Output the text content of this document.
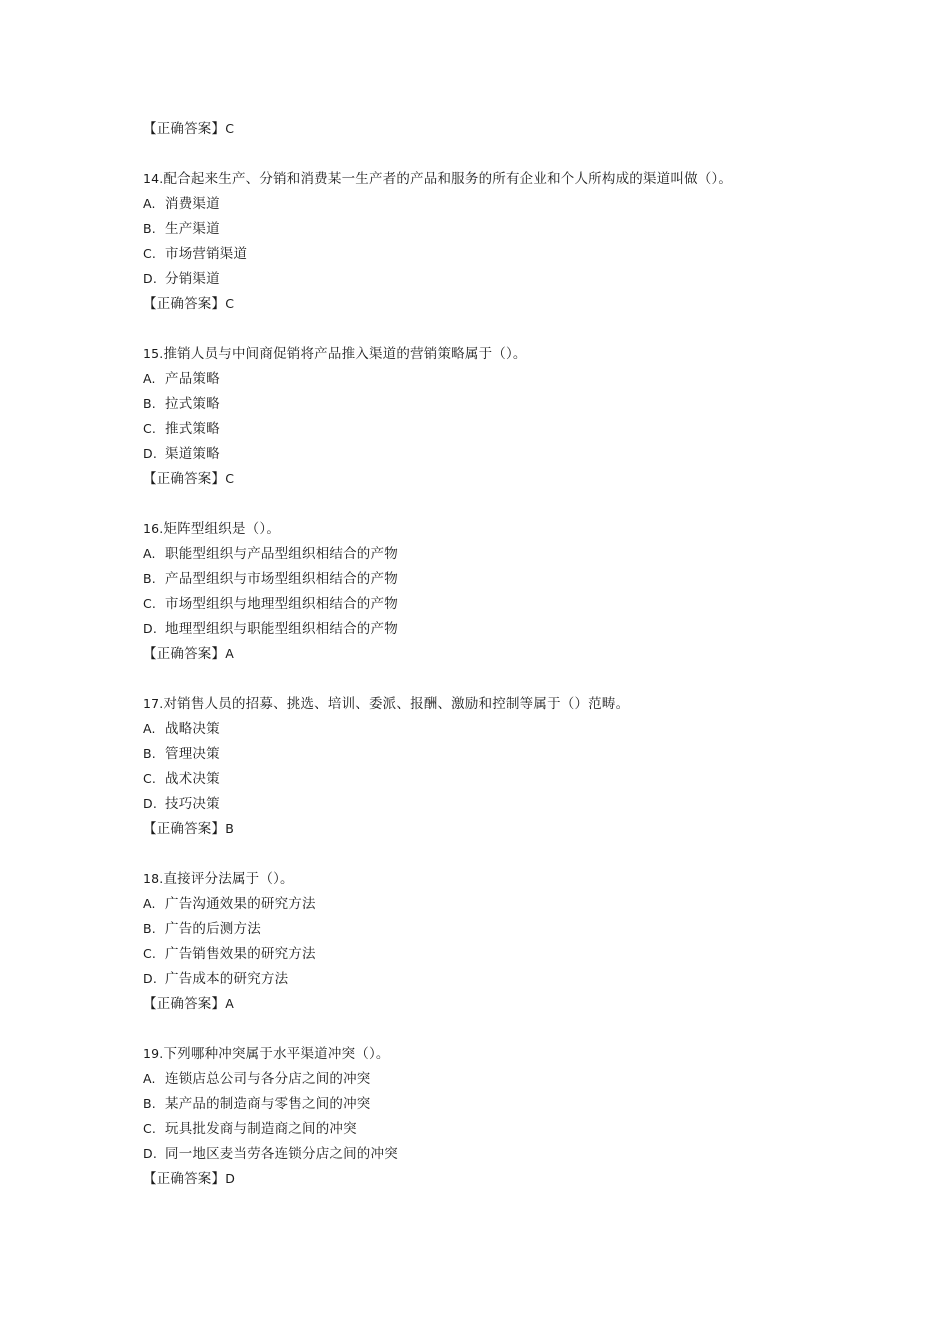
【正确答案】C
14.配合起来生产、分销和消费某一生产者的产品和服务的所有企业和个人所构成的渠道叫做（）。
A. 消费渠道
B. 生产渠道
C. 市场营销渠道
D. 分销渠道
【正确答案】C
15.推销人员与中间商促销将产品推入渠道的营销策略属于（）。
A. 产品策略
B. 拉式策略
C. 推式策略
D. 渠道策略
【正确答案】C
16.矩阵型组织是（）。
A. 职能型组织与产品型组织相结合的产物
B. 产品型组织与市场型组织相结合的产物
C. 市场型组织与地理型组织相结合的产物
D. 地理型组织与职能型组织相结合的产物
【正确答案】A
17.对销售人员的招募、挑选、培训、委派、报酬、激励和控制等属于（）范畴。
A. 战略决策
B. 管理决策
C. 战术决策
D. 技巧决策
【正确答案】B
18.直接评分法属于（）。
A. 广告沟通效果的研究方法
B. 广告的后测方法
C. 广告销售效果的研究方法
D. 广告成本的研究方法
【正确答案】A
19.下列哪种冲突属于水平渠道冲突（）。
A. 连锁店总公司与各分店之间的冲突
B. 某产品的制造商与零售之间的冲突
C. 玩具批发商与制造商之间的冲突
D. 同一地区麦当劳各连锁分店之间的冲突
【正确答案】D
